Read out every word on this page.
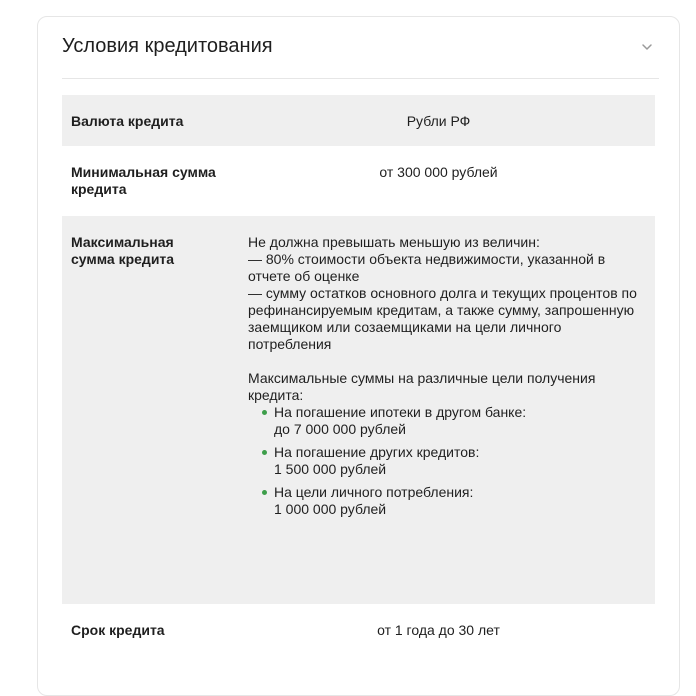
Условия кредитования
Валюта кредита	Рубли РФ
Минимальная сумма кредита
от 300 000 рублей
Максимальная сумма кредита

Не должна превышать меньшую из величин:

— 80% стоимости объекта недвижимости, указанной в отчете об оценке

— сумму остатков основного долга и текущих процентов по рефинансируемым кредитам, а также сумму, запрошенную заемщиком или созаемщиками на цели личного потребления

Максимальные суммы на различные цели получения кредита:

На погашение ипотеки в другом банке:
до 7 000 000 рублей
На погашение других кредитов:
1 500 000 рублей
На цели личного потребления:
1 000 000 рублей
Срок кредита	от 1 года до 30 лет
